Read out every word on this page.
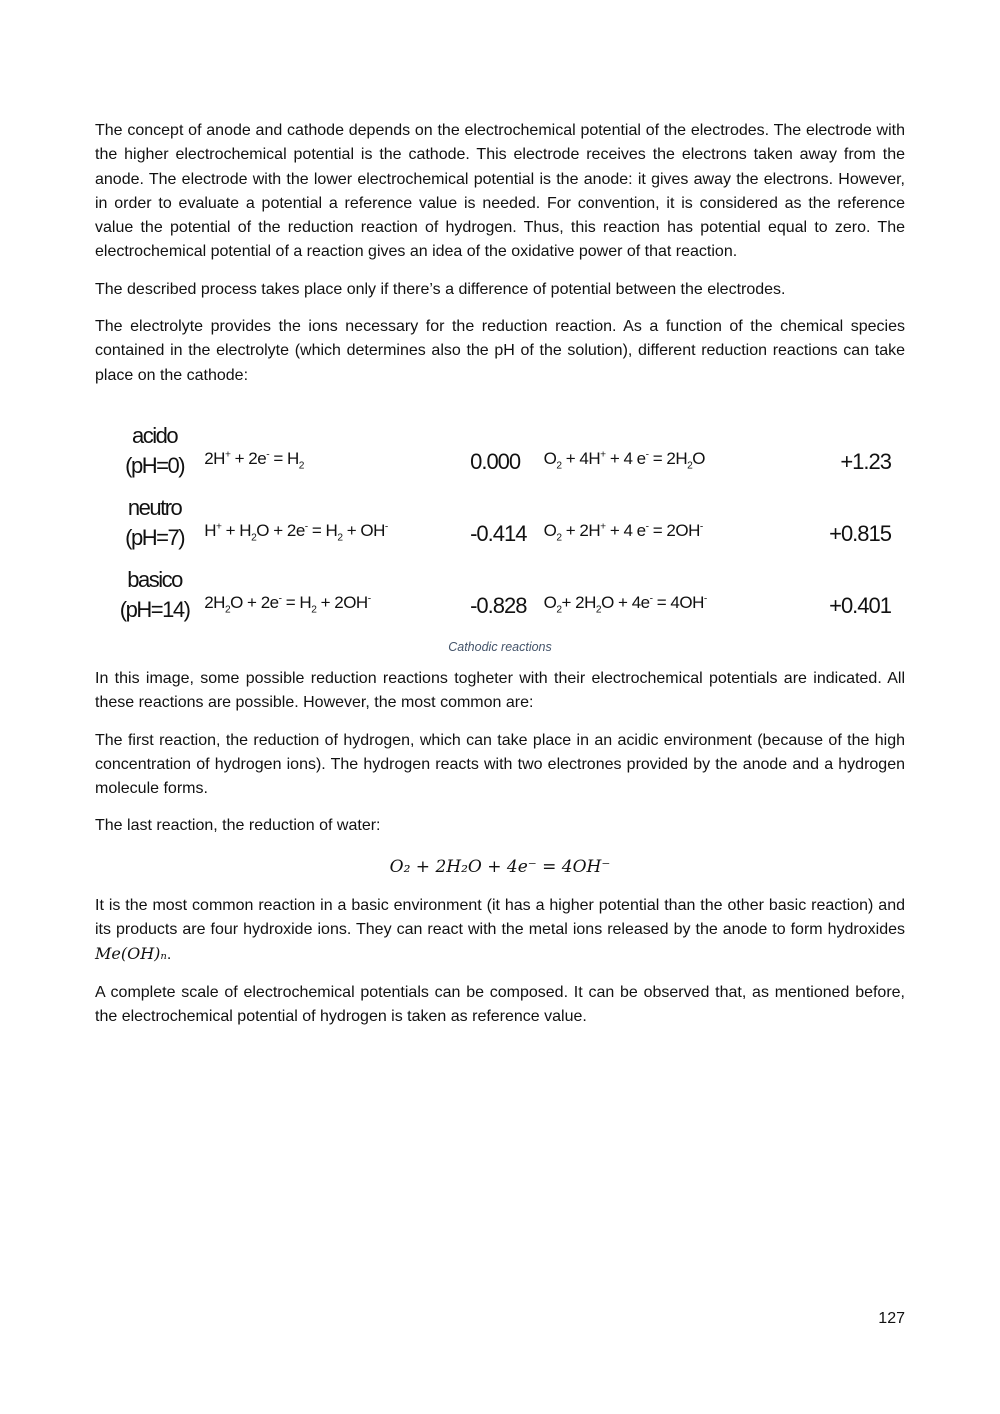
The concept of anode and cathode depends on the electrochemical potential of the electrodes. The electrode with the higher electrochemical potential is the cathode. This electrode receives the electrons taken away from the anode. The electrode with the lower electrochemical potential is the anode: it gives away the electrons. However, in order to evaluate a potential a reference value is needed. For convention, it is considered as the reference value the potential of the reduction reaction of hydrogen. Thus, this reaction has potential equal to zero. The electrochemical potential of a reaction gives an idea of the oxidative power of that reaction.

The described process takes place only if there’s a difference of potential between the electrodes.

The electrolyte provides the ions necessary for the reduction reaction. As a function of the chemical species contained in the electrolyte (which determines also the pH of the solution), different reduction reactions can take place on the cathode:

acido
(pH=0)	$2H^+ + 2e^- = H_2$	0.000	$O_2 + 4H^+ + 4$ $e^- = 2H_2O$	+1.23

neutro
(pH=7)	$H^+ + H_2O + 2e^- = H_2 + OH^-$	-0.414	$O_2 + 2H^+ + 4$ e- = 2OH-	+0.815

basico
(pH=14)	$2H_2O + 2e^- = H_2 + 2OH^-$	-0.828	$O_2+ 2H_2O + 4e^- = 4OH^-$	+0.401
Cathodic reactions

In this image, some possible reduction reactions togheter with their electrochemical potentials are indicated. All these reactions are possible. However, the most common are:

The first reaction, the reduction of hydrogen, which can take place in an acidic environment (because of the high concentration of hydrogen ions). The hydrogen reacts with two electrones provided by the anode and a hydrogen molecule forms.

The last reaction, the reduction of water:

O₂ + 2H₂O + 4e⁻ = 4OH⁻

It is the most common reaction in a basic environment (it has a higher potential than the other basic reaction) and its products are four hydroxide ions. They can react with the metal ions released by the anode to form hydroxides Me(OH)ₙ.

A complete scale of electrochemical potentials can be composed. It can be observed that, as mentioned before, the electrochemical potential of hydrogen is taken as reference value.

127
